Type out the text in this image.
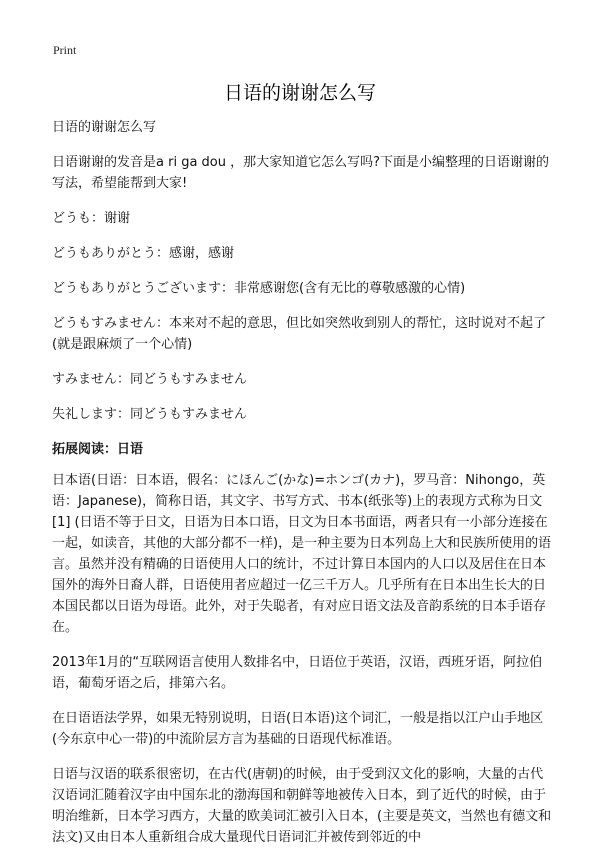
Print
日语的谢谢怎么写

日语的谢谢怎么写

日语谢谢的发音是a ri ga dou ，那大家知道它怎么写吗?下面是小编整理的日语谢谢的写法，希望能帮到大家!

どうも：谢谢

どうもありがとう：感谢，感谢

どうもありがとうございます：非常感谢您(含有无比的尊敬感激的心情)

どうもすみません：本来对不起的意思，但比如突然收到别人的帮忙，这时说对不起了(就是跟麻烦了一个心情)

すみません：同どうもすみません

失礼します：同どうもすみません

拓展阅读：日语

日本语(日语：日本语，假名：にほんご(かな)=ホンゴ(カナ)，罗马音：Nihongo，英语：Japanese)，简称日语，其文字、书写方式、书本(纸张等)上的表现方式称为日文[1] (日语不等于日文，日语为日本口语，日文为日本书面语，两者只有一小部分连接在一起，如读音，其他的大部分都不一样)，是一种主要为日本列岛上大和民族所使用的语言。虽然并没有精确的日语使用人口的统计，不过计算日本国内的人口以及居住在日本国外的海外日裔人群，日语使用者应超过一亿三千万人。几乎所有在日本出生长大的日本国民都以日语为母语。此外，对于失聪者，有对应日语文法及音韵系统的日本手语存在。

2013年1月的“互联网语言使用人数排名中，日语位于英语，汉语，西班牙语，阿拉伯语，葡萄牙语之后，排第六名。

在日语语法学界，如果无特别说明，日语(日本语)这个词汇，一般是指以江户山手地区(今东京中心一带)的中流阶层方言为基础的日语现代标准语。

日语与汉语的联系很密切，在古代(唐朝)的时候，由于受到汉文化的影响，大量的古代汉语词汇随着汉字由中国东北的渤海国和朝鲜等地被传入日本，到了近代的时候，由于明治维新，日本学习西方，大量的欧美词汇被引入日本，(主要是英文，当然也有德文和法文)又由日本人重新组合成大量现代日语词汇并被传到邻近的中
